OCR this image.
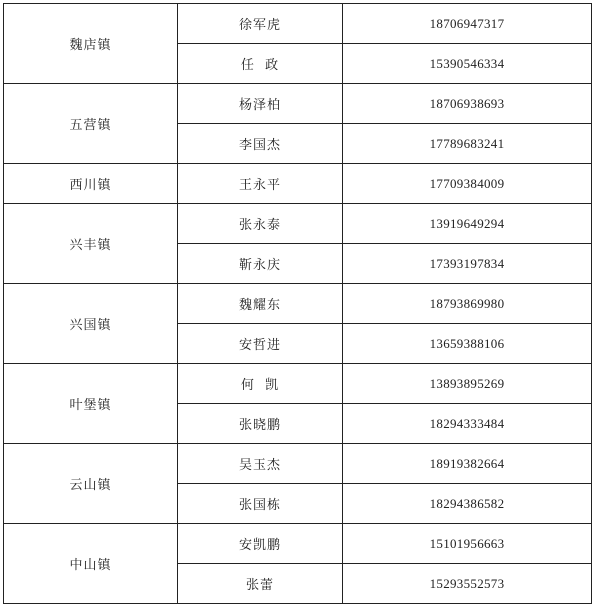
魏店镇	徐军虎	18706947317
	任  政	15390546334
五营镇	杨泽柏	18706938693
	李国杰	17789683241
西川镇	王永平	17709384009
兴丰镇	张永泰	13919649294
	靳永庆	17393197834
兴国镇	魏耀东	18793869980
	安哲进	13659388106
叶堡镇	何  凯	13893895269
	张晓鹏	18294333484
云山镇	吴玉杰	18919382664
	张国栋	18294386582
中山镇	安凯鹏	15101956663
	张蕾	15293552573
